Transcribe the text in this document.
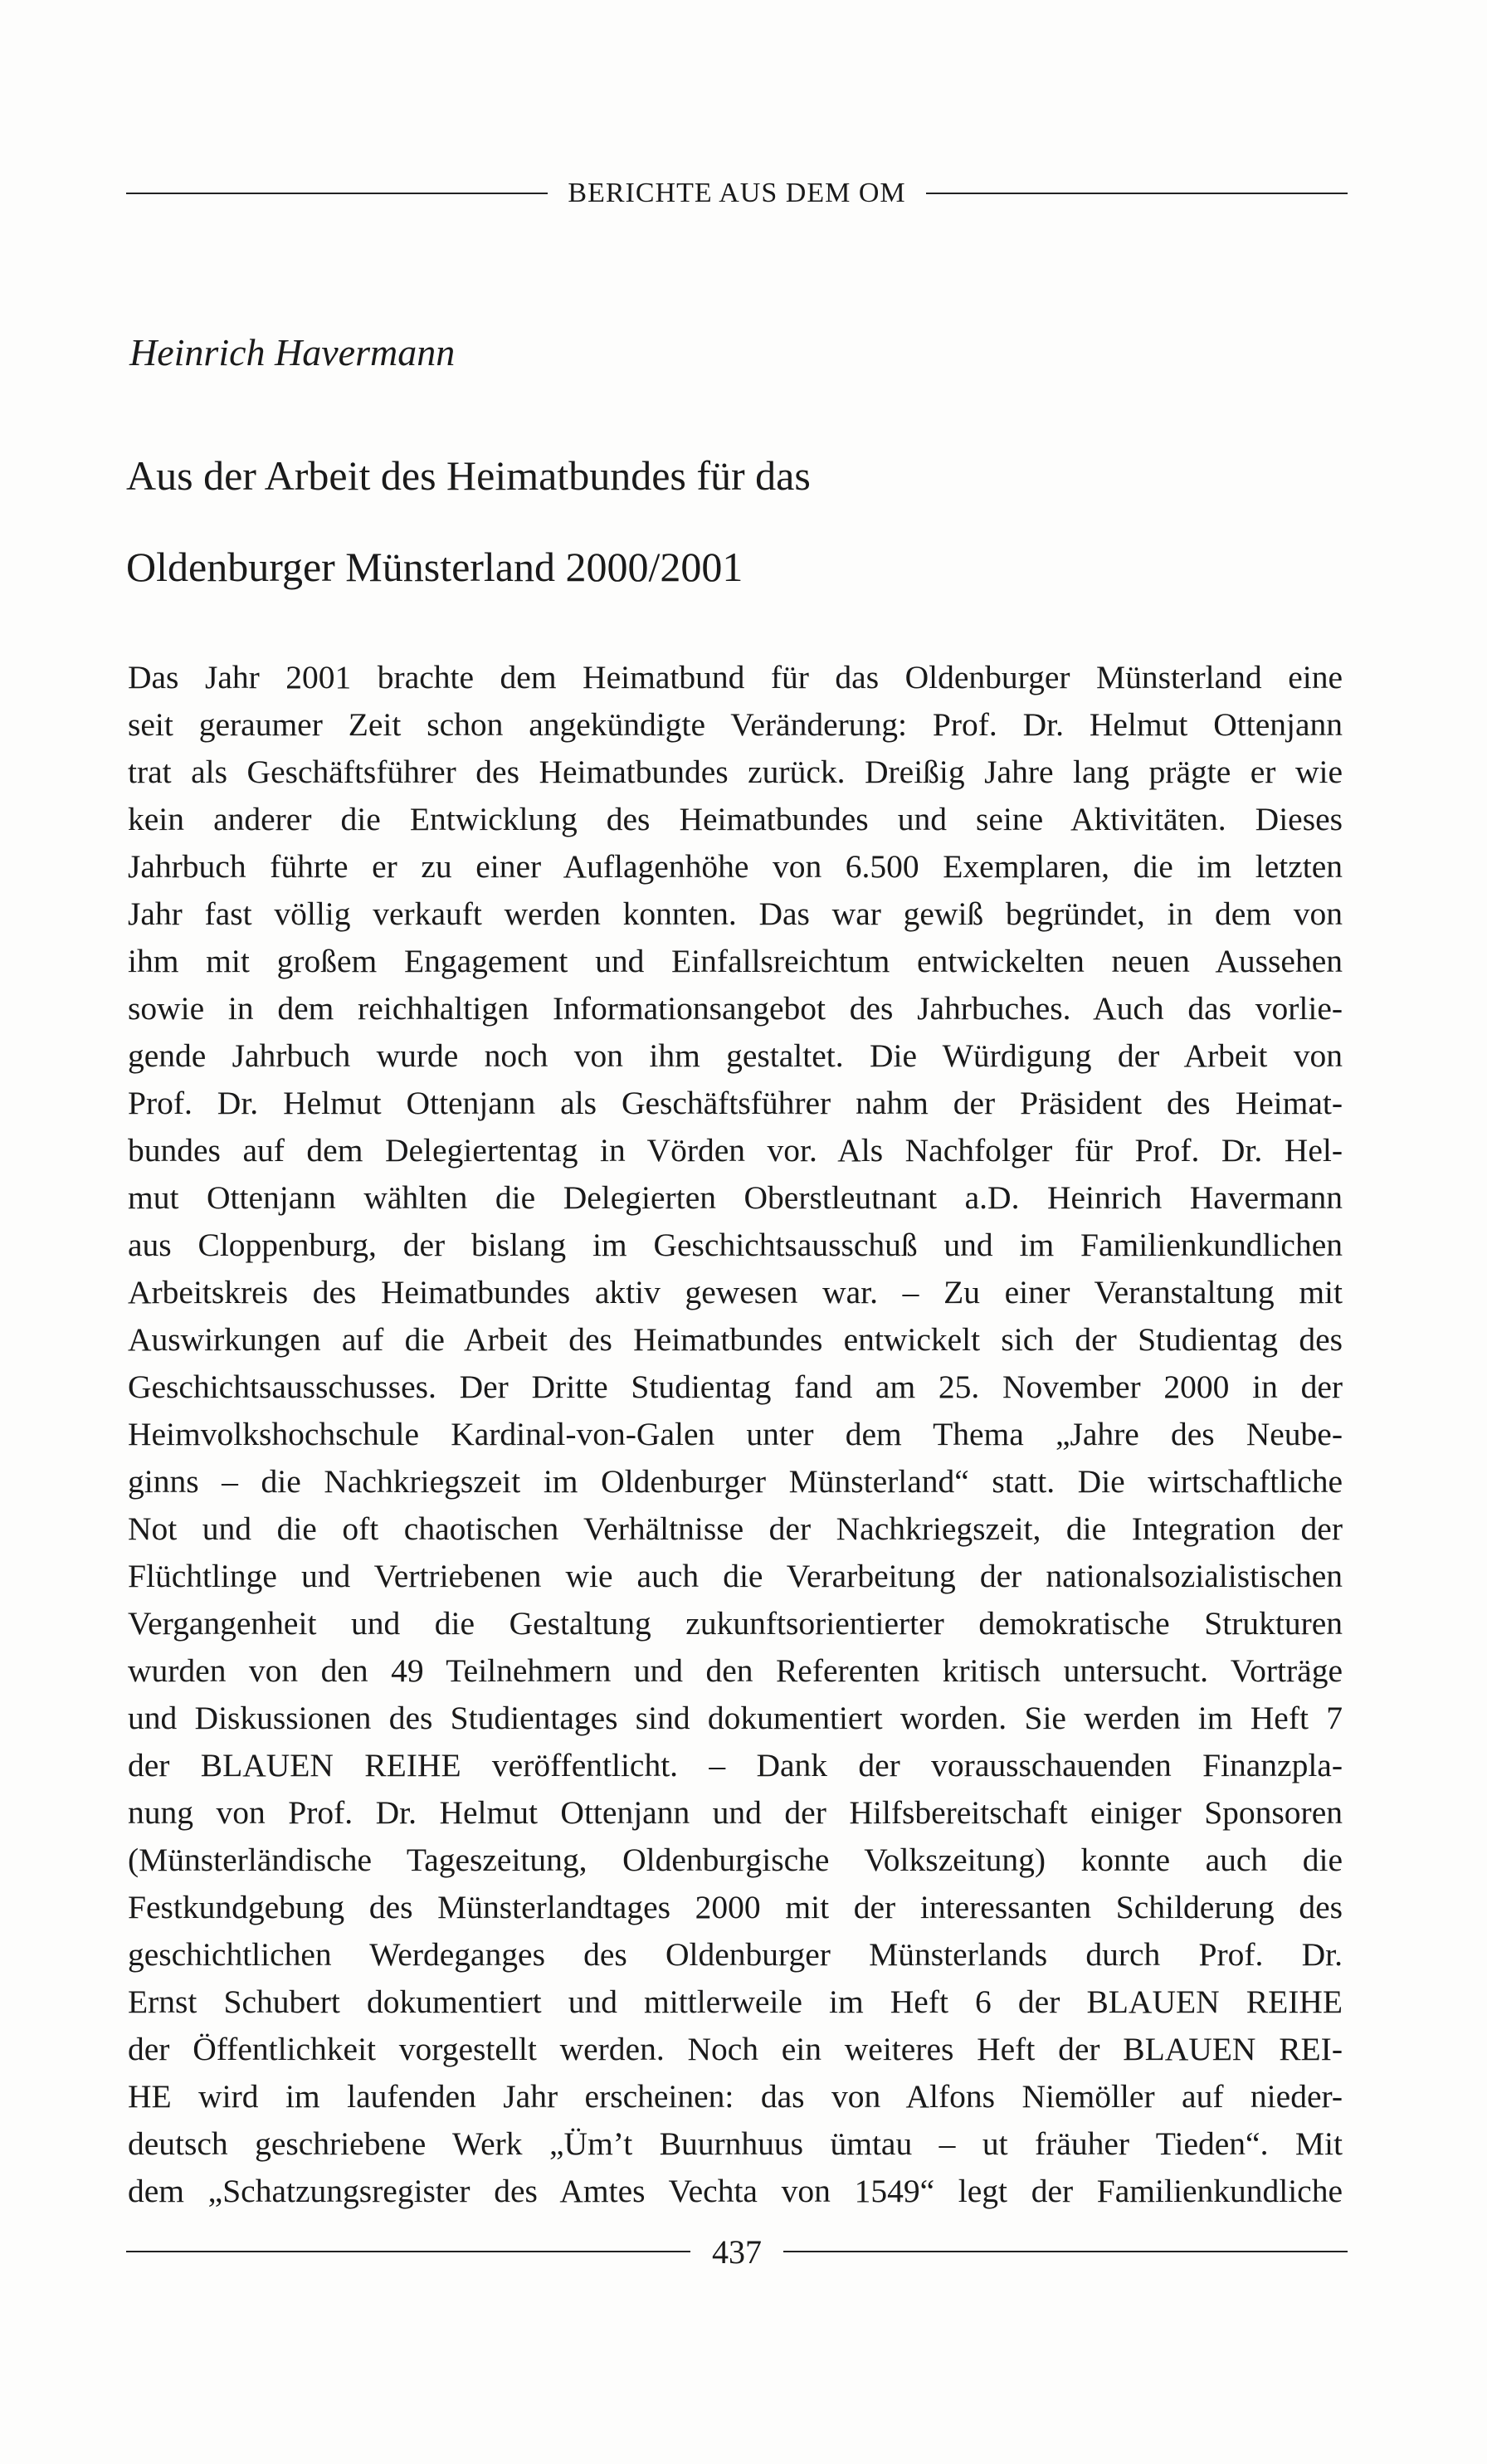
BERICHTE AUS DEM OM
Heinrich Havermann
Aus der Arbeit des Heimatbundes für das
Oldenburger Münsterland 2000/2001
Das Jahr 2001 brachte dem Heimatbund für das Oldenburger Münsterland eine
seit geraumer Zeit schon angekündigte Veränderung: Prof. Dr. Helmut Ottenjann
trat als Geschäftsführer des Heimatbundes zurück. Dreißig Jahre lang prägte er wie
kein anderer die Entwicklung des Heimatbundes und seine Aktivitäten. Dieses
Jahrbuch führte er zu einer Auflagenhöhe von 6.500 Exemplaren, die im letzten
Jahr fast völlig verkauft werden konnten. Das war gewiß begründet, in dem von
ihm mit großem Engagement und Einfallsreichtum entwickelten neuen Aussehen
sowie in dem reichhaltigen Informationsangebot des Jahrbuches. Auch das vorlie-
gende Jahrbuch wurde noch von ihm gestaltet. Die Würdigung der Arbeit von
Prof. Dr. Helmut Ottenjann als Geschäftsführer nahm der Präsident des Heimat-
bundes auf dem Delegiertentag in Vörden vor. Als Nachfolger für Prof. Dr. Hel-
mut Ottenjann wählten die Delegierten Oberstleutnant a.D. Heinrich Havermann
aus Cloppenburg, der bislang im Geschichtsausschuß und im Familienkundlichen
Arbeitskreis des Heimatbundes aktiv gewesen war. – Zu einer Veranstaltung mit
Auswirkungen auf die Arbeit des Heimatbundes entwickelt sich der Studientag des
Geschichtsausschusses. Der Dritte Studientag fand am 25. November 2000 in der
Heimvolkshochschule Kardinal-von-Galen unter dem Thema „Jahre des Neube-
ginns – die Nachkriegszeit im Oldenburger Münsterland“ statt. Die wirtschaftliche
Not und die oft chaotischen Verhältnisse der Nachkriegszeit, die Integration der
Flüchtlinge und Vertriebenen wie auch die Verarbeitung der nationalsozialistischen
Vergangenheit und die Gestaltung zukunftsorientierter demokratische Strukturen
wurden von den 49 Teilnehmern und den Referenten kritisch untersucht. Vorträge
und Diskussionen des Studientages sind dokumentiert worden. Sie werden im Heft 7
der BLAUEN REIHE veröffentlicht. – Dank der vorausschauenden Finanzpla-
nung von Prof. Dr. Helmut Ottenjann und der Hilfsbereitschaft einiger Sponsoren
(Münsterländische Tageszeitung, Oldenburgische Volkszeitung) konnte auch die
Festkundgebung des Münsterlandtages 2000 mit der interessanten Schilderung des
geschichtlichen Werdeganges des Oldenburger Münsterlands durch Prof. Dr.
Ernst Schubert dokumentiert und mittlerweile im Heft 6 der BLAUEN REIHE
der Öffentlichkeit vorgestellt werden. Noch ein weiteres Heft der BLAUEN REI-
HE wird im laufenden Jahr erscheinen: das von Alfons Niemöller auf nieder-
deutsch geschriebene Werk „Üm’t Buurnhuus ümtau – ut fräuher Tieden“. Mit
dem „Schatzungsregister des Amtes Vechta von 1549“ legt der Familienkundliche
437
